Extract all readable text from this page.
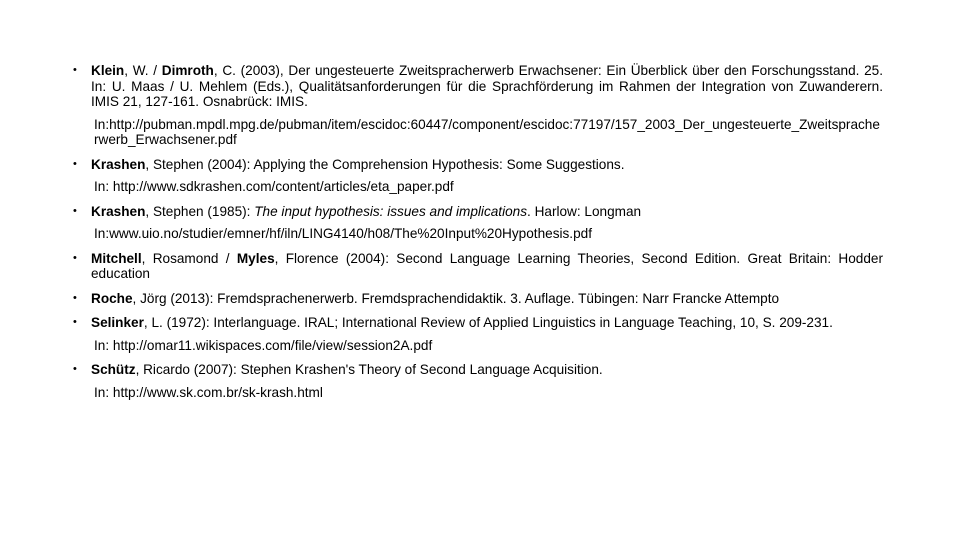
• Klein, W. / Dimroth, C. (2003), Der ungesteuerte Zweitspracherwerb Erwachsener: Ein Überblick über den Forschungsstand. 25. In: U. Maas / U. Mehlem (Eds.), Qualitätsanforderungen für die Sprachförderung im Rahmen der Integration von Zuwanderern. IMIS 21, 127-161. Osnabrück: IMIS.
In:http://pubman.mpdl.mpg.de/pubman/item/escidoc:60447/component/escidoc:77197/157_2003_Der_ungesteuerte_Zweitspracherwerb_Erwachsener.pdf
• Krashen, Stephen (2004): Applying the Comprehension Hypothesis: Some Suggestions.
In: http://www.sdkrashen.com/content/articles/eta_paper.pdf
• Krashen, Stephen (1985): The input hypothesis: issues and implications. Harlow: Longman
In:www.uio.no/studier/emner/hf/iln/LING4140/h08/The%20Input%20Hypothesis.pdf
• Mitchell, Rosamond / Myles, Florence (2004): Second Language Learning Theories, Second Edition. Great Britain: Hodder education
• Roche, Jörg (2013): Fremdsprachenerwerb. Fremdsprachendidaktik. 3. Auflage. Tübingen: Narr Francke Attempto
• Selinker, L. (1972): Interlanguage. IRAL; International Review of Applied Linguistics in Language Teaching, 10, S. 209-231.
In: http://omar11.wikispaces.com/file/view/session2A.pdf
• Schütz, Ricardo (2007): Stephen Krashen's Theory of Second Language Acquisition.
In: http://www.sk.com.br/sk-krash.html
